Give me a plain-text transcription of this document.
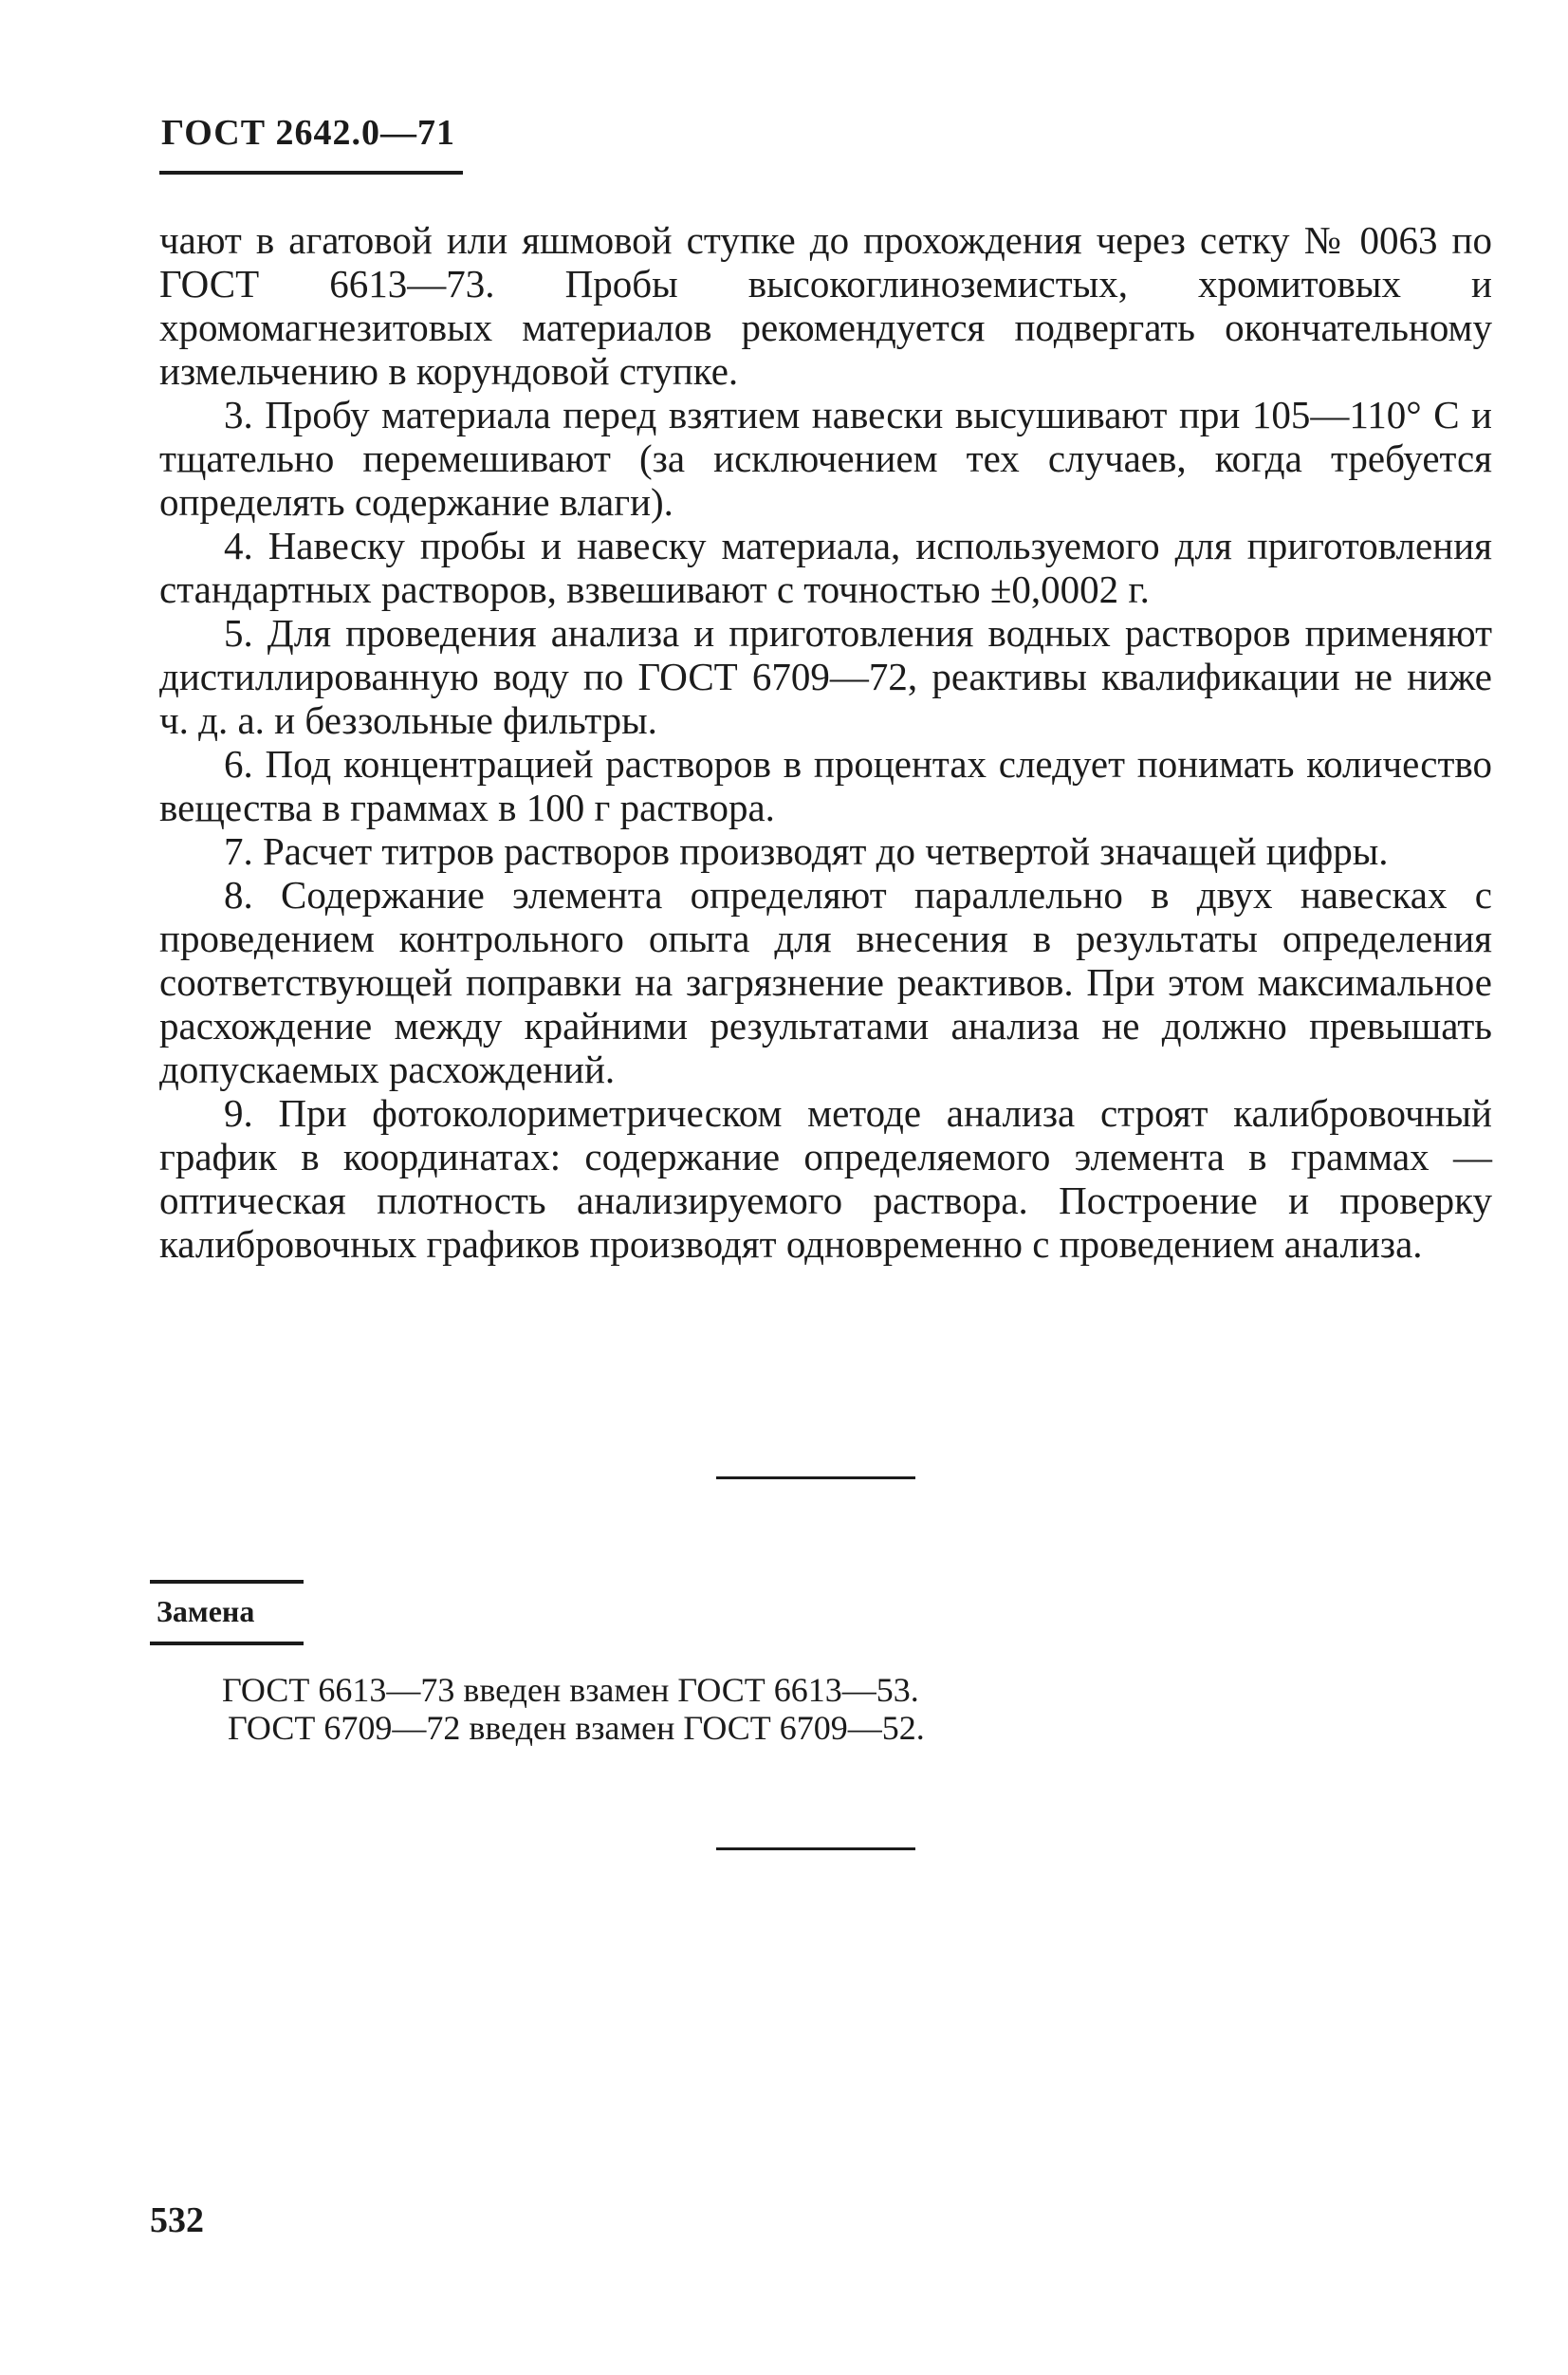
ГОСТ 2642.0—71

чают в агатовой или яшмовой ступке до прохождения через сетку № 0063 по ГОСТ 6613—73. Пробы высокоглиноземистых, хромитовых и хромомагнезитовых материалов рекомендуется подвергать окончательному измельчению в корундовой ступке.

3. Пробу материала перед взятием навески высушивают при 105—110° С и тщательно перемешивают (за исключением тех случаев, когда требуется определять содержание влаги).

4. Навеску пробы и навеску материала, используемого для приготовления стандартных растворов, взвешивают с точностью ±0,0002 г.

5. Для проведения анализа и приготовления водных растворов применяют дистиллированную воду по ГОСТ 6709—72, реактивы квалификации не ниже ч. д. а. и беззольные фильтры.

6. Под концентрацией растворов в процентах следует понимать количество вещества в граммах в 100 г раствора.

7. Расчет титров растворов производят до четвертой значащей цифры.

8. Содержание элемента определяют параллельно в двух навесках с проведением контрольного опыта для внесения в результаты определения соответствующей поправки на загрязнение реактивов. При этом максимальное расхождение между крайними результатами анализа не должно превышать допускаемых расхождений.

9. При фотоколориметрическом методе анализа строят калибровочный график в координатах: содержание определяемого элемента в граммах — оптическая плотность анализируемого раствора. Построение и проверку калибровочных графиков производят одновременно с проведением анализа.

Замена
ГОСТ 6613—73 введен взамен ГОСТ 6613—53.
ГОСТ 6709—72 введен взамен ГОСТ 6709—52.
532
